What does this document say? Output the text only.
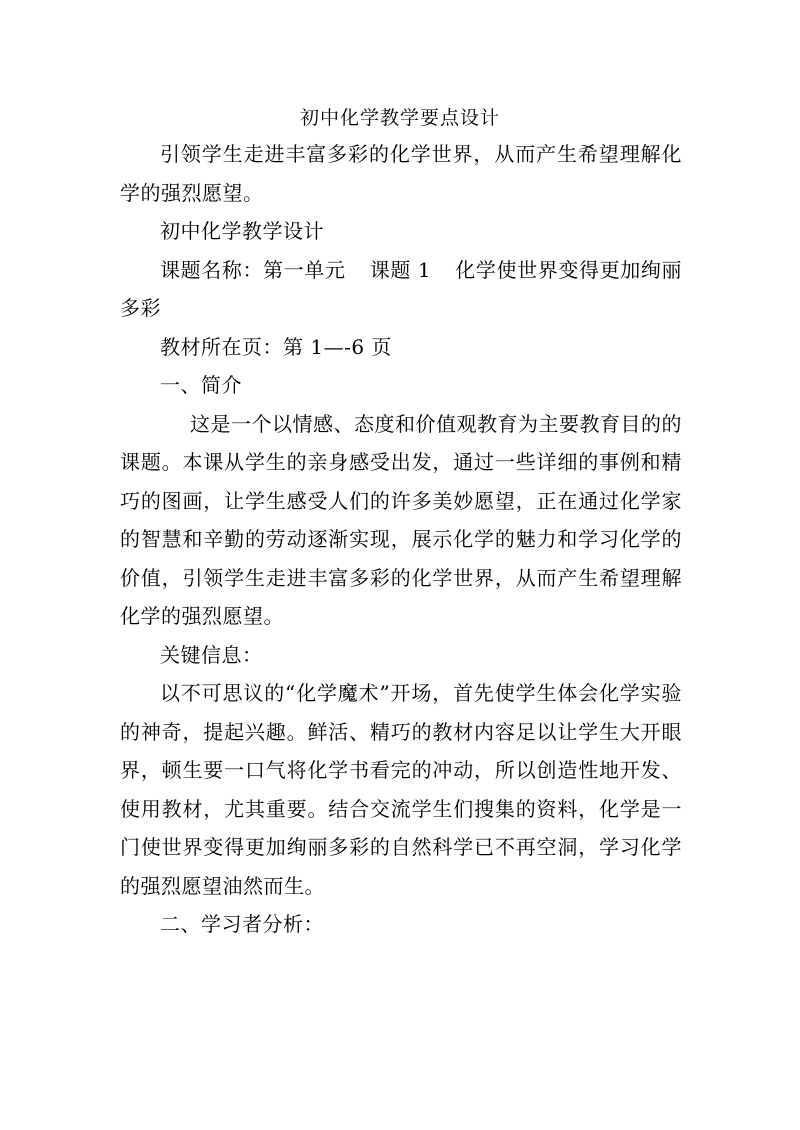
初中化学教学要点设计

引领学生走进丰富多彩的化学世界，从而产生希望理解化学的强烈愿望。

初中化学教学设计

课题名称：第一单元 课题 1 化学使世界变得更加绚丽多彩

教材所在页：第 1—-6 页

一、简介

这是一个以情感、态度和价值观教育为主要教育目的的课题。本课从学生的亲身感受出发，通过一些详细的事例和精巧的图画，让学生感受人们的许多美妙愿望，正在通过化学家的智慧和辛勤的劳动逐渐实现，展示化学的魅力和学习化学的价值，引领学生走进丰富多彩的化学世界，从而产生希望理解化学的强烈愿望。

关键信息：

以不可思议的“化学魔术”开场，首先使学生体会化学实验的神奇，提起兴趣。鲜活、精巧的教材内容足以让学生大开眼界，顿生要一口气将化学书看完的冲动，所以创造性地开发、使用教材，尤其重要。结合交流学生们搜集的资料，化学是一门使世界变得更加绚丽多彩的自然科学已不再空洞，学习化学的强烈愿望油然而生。

二、学习者分析：
